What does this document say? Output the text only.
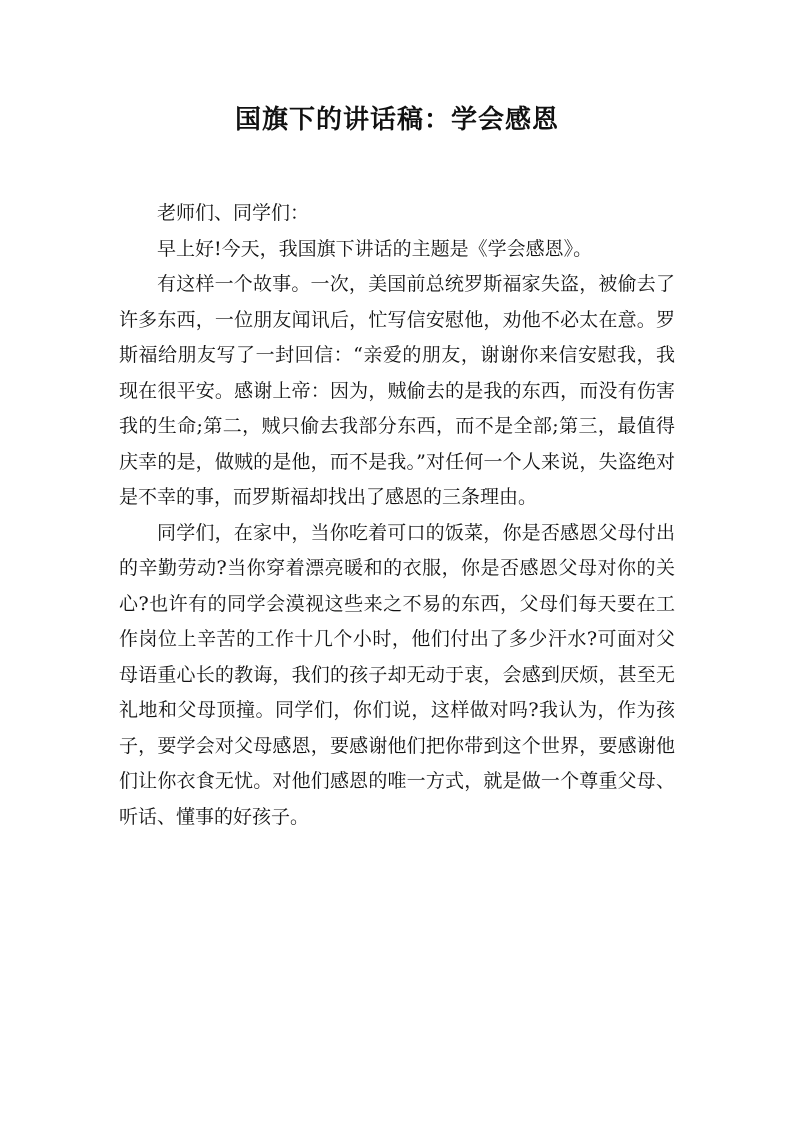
国旗下的讲话稿：学会感恩

老师们、同学们：

早上好!今天，我国旗下讲话的主题是《学会感恩》。

有这样一个故事。一次，美国前总统罗斯福家失盗，被偷去了许多东西，一位朋友闻讯后，忙写信安慰他，劝他不必太在意。罗斯福给朋友写了一封回信：“亲爱的朋友，谢谢你来信安慰我，我现在很平安。感谢上帝：因为，贼偷去的是我的东西，而没有伤害我的生命;第二，贼只偷去我部分东西，而不是全部;第三，最值得庆幸的是，做贼的是他，而不是我。”对任何一个人来说，失盗绝对是不幸的事，而罗斯福却找出了感恩的三条理由。

同学们，在家中，当你吃着可口的饭菜，你是否感恩父母付出的辛勤劳动?当你穿着漂亮暖和的衣服，你是否感恩父母对你的关心?也许有的同学会漠视这些来之不易的东西，父母们每天要在工作岗位上辛苦的工作十几个小时，他们付出了多少汗水?可面对父母语重心长的教诲，我们的孩子却无动于衷，会感到厌烦，甚至无礼地和父母顶撞。同学们，你们说，这样做对吗?我认为，作为孩子，要学会对父母感恩，要感谢他们把你带到这个世界，要感谢他们让你衣食无忧。对他们感恩的唯一方式，就是做一个尊重父母、听话、懂事的好孩子。
